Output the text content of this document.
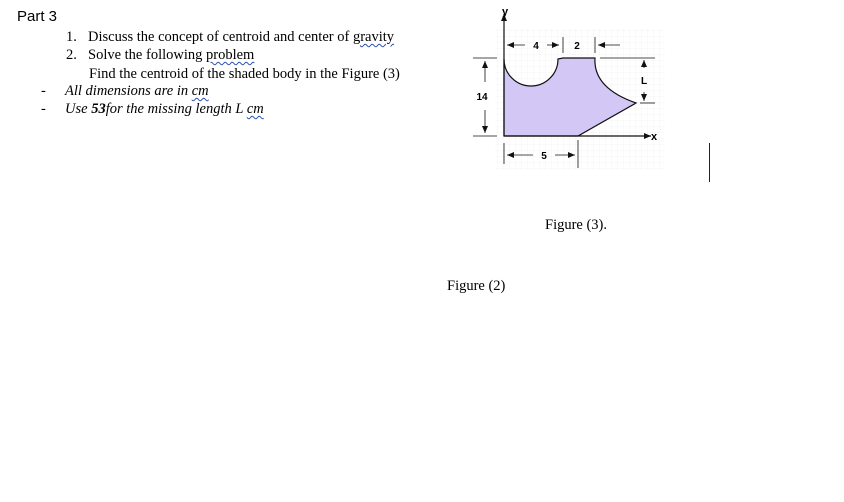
Part 3
1. Discuss the concept of centroid and center of gravity
2. Solve the following problem
Find the centroid of the shaded body in the Figure (3)
- All dimensions are in cm
- Use 53for the missing length L cm
y
x
4	2
14
L
5
Figure (3).
Figure (2)
